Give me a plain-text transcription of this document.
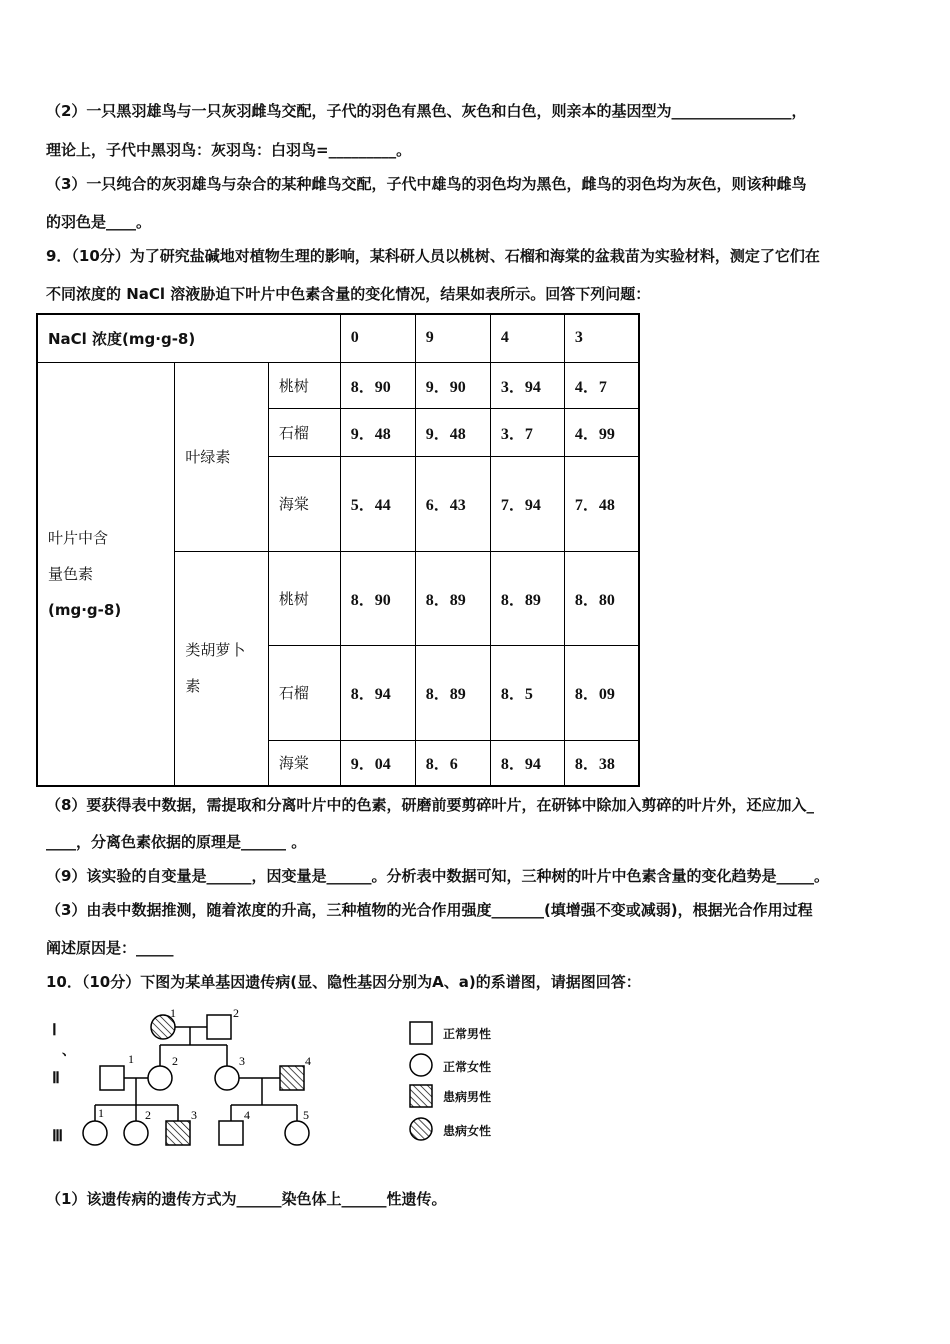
（2）一只黑羽雄鸟与一只灰羽雌鸟交配，子代的羽色有黑色、灰色和白色，则亲本的基因型为________________，
理论上，子代中黑羽鸟：灰羽鸟：白羽鸟=_________。
（3）一只纯合的灰羽雄鸟与杂合的某种雌鸟交配，子代中雄鸟的羽色均为黑色，雌鸟的羽色均为灰色，则该种雌鸟
的羽色是____。
9．（10分）为了研究盐碱地对植物生理的影响，某科研人员以桃树、石榴和海棠的盆栽苗为实验材料，测定了它们在
不同浓度的 NaCl 溶液胁迫下叶片中色素含量的变化情况，结果如表所示。回答下列问题：
NaCl 浓度(mg·g-8)			0	9	4	3

叶片中含
量色素
(mg·g-8)	叶绿素	桃树	8．90	9．90	3．94	4．7
		石榴	9．48	9．48	3．7	4．99
		海棠	5．44	6．43	7．94	7．48

	类胡萝卜素	桃树	8．90	8．89	8．89	8．80
		石榴	8．94	8．89	8．5	8．09
		海棠	9．04	8．6	8．94	8．38
（8）要获得表中数据，需提取和分离叶片中的色素，研磨前要剪碎叶片，在研钵中除加入剪碎的叶片外，还应加入_
____，分离色素依据的原理是______ 。
（9）该实验的自变量是______，因变量是______。分析表中数据可知，三种树的叶片中色素含量的变化趋势是_____。
（3）由表中数据推测，随着浓度的升高，三种植物的光合作用强度_______(填增强不变或减弱)，根据光合作用过程
阐述原因是：_____
10．（10分）下图为某单基因遗传病(显、隐性基因分别为A、a)的系谱图，请据图回答：
1	2
1	2	3	4
1	2	3	4	5
Ⅰ
、
Ⅱ
Ⅲ
正常男性
正常女性
患病男性
患病女性
（1）该遗传病的遗传方式为______染色体上______性遗传。
